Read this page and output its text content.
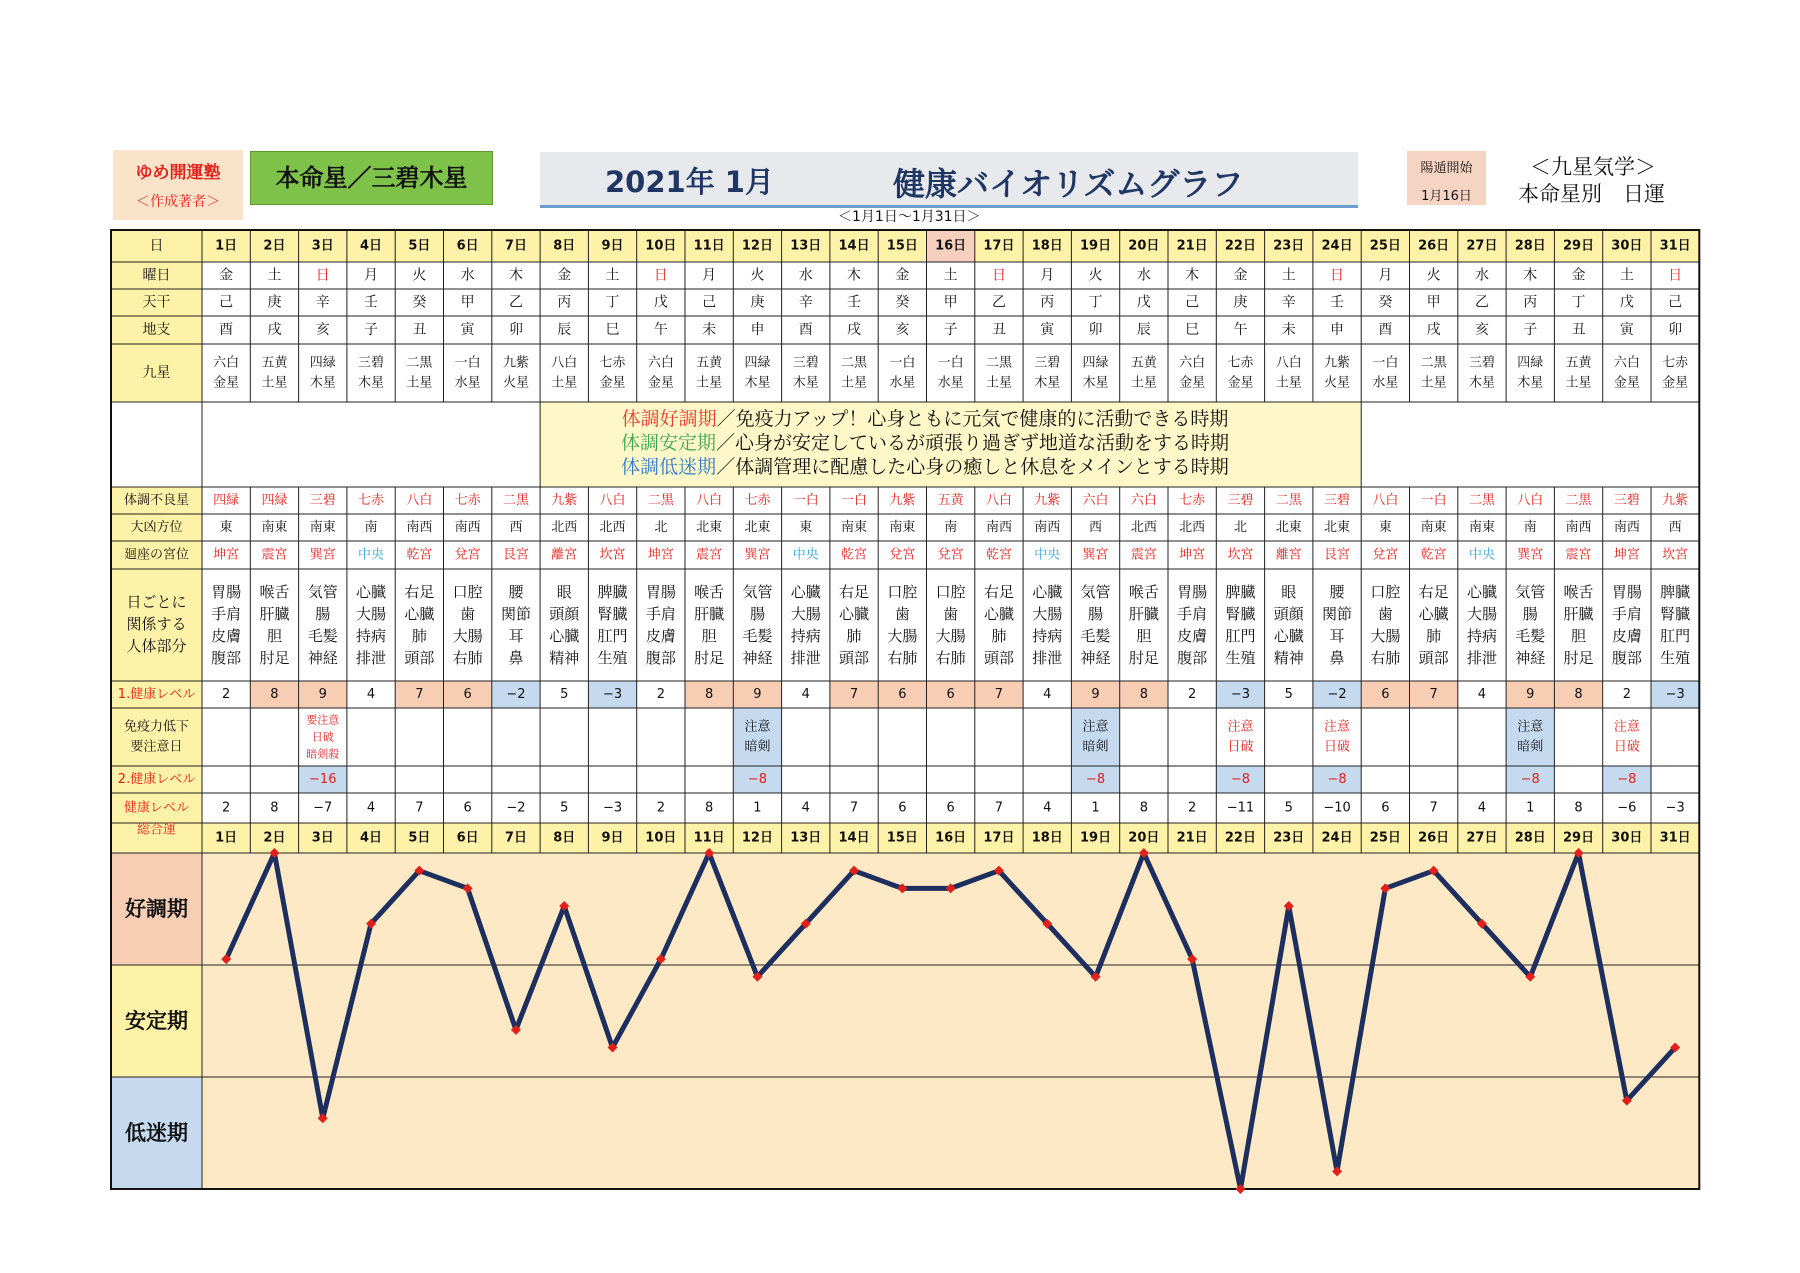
ゆめ開運塾
＜作成著者＞
本命星／三碧木星	2021年 1月	健康バイオリズムグラフ
＜1月1日～1月31日＞
陽遁開始
1月16日
＜九星気学＞
本命星別　日運
日
曜日
天干
地支
九星
体調不良星
大凶方位
廻座の宮位
日ごとに
関係する
人体部分
1.健康レベル
免疫力低下
要注意日
2.健康レベル
健康レベル
総合運
好調期
安定期
低迷期
1日
金
己
酉
六白
金星
四緑
東
坤宮
胃腸
手肩
皮膚
腹部
2
2
1日
2日
土
庚
戌
五黄
土星
四緑
南東
震宮
喉舌
肝臓
胆
肘足
8
8
2日
3日
日
辛
亥
四緑
木星
三碧
南東
巽宮
気管
腸
毛髪
神経
9
要注意
日破
暗剣殺
−16
−7
3日
4日
月
壬
子
三碧
木星
七赤
南
中央
心臓
大腸
持病
排泄
4
4
4日
5日
火
癸
丑
二黒
土星
八白
南西
乾宮
右足
心臓
肺
頭部
7
7
5日
6日
水
甲
寅
一白
水星
七赤
南西
兌宮
口腔
歯
大腸
右肺
6
6
6日
7日
木
乙
卯
九紫
火星
二黒
西
艮宮
腰
関節
耳
鼻
−2
−2
7日
8日
金
丙
辰
八白
土星
九紫
北西
離宮
眼
頭顔
心臓
精神
5
5
8日
9日
土
丁
巳
七赤
金星
八白
北西
坎宮
脾臓
腎臓
肛門
生殖
−3
−3
9日
10日
日
戊
午
六白
金星
二黒
北
坤宮
胃腸
手肩
皮膚
腹部
2
2
10日
11日
月
己
未
五黄
土星
八白
北東
震宮
喉舌
肝臓
胆
肘足
8
8
11日
12日
火
庚
申
四緑
木星
七赤
北東
巽宮
気管
腸
毛髪
神経
9
注意
暗剣
−8
1
12日
13日
水
辛
酉
三碧
木星
一白
東
中央
心臓
大腸
持病
排泄
4
4
13日
14日
木
壬
戌
二黒
土星
一白
南東
乾宮
右足
心臓
肺
頭部
7
7
14日
15日
金
癸
亥
一白
水星
九紫
南東
兌宮
口腔
歯
大腸
右肺
6
6
15日
16日
土
甲
子
一白
水星
五黄
南
兌宮
口腔
歯
大腸
右肺
6
6
16日
17日
日
乙
丑
二黒
土星
八白
南西
乾宮
右足
心臓
肺
頭部
7
7
17日
18日
月
丙
寅
三碧
木星
九紫
南西
中央
心臓
大腸
持病
排泄
4
4
18日
19日
火
丁
卯
四緑
木星
六白
西
巽宮
気管
腸
毛髪
神経
9
注意
暗剣
−8
1
19日
20日
水
戊
辰
五黄
土星
六白
北西
震宮
喉舌
肝臓
胆
肘足
8
8
20日
21日
木
己
巳
六白
金星
七赤
北西
坤宮
胃腸
手肩
皮膚
腹部
2
2
21日
22日
金
庚
午
七赤
金星
三碧
北
坎宮
脾臓
腎臓
肛門
生殖
−3
注意
日破
−8
−11
22日
23日
土
辛
未
八白
土星
二黒
北東
離宮
眼
頭顔
心臓
精神
5
5
23日
24日
日
壬
申
九紫
火星
三碧
北東
艮宮
腰
関節
耳
鼻
−2
注意
日破
−8
−10
24日
25日
月
癸
酉
一白
水星
八白
東
兌宮
口腔
歯
大腸
右肺
6
6
25日
26日
火
甲
戌
二黒
土星
一白
南東
乾宮
右足
心臓
肺
頭部
7
7
26日
27日
水
乙
亥
三碧
木星
二黒
南東
中央
心臓
大腸
持病
排泄
4
4
27日
28日
木
丙
子
四緑
木星
八白
南
巽宮
気管
腸
毛髪
神経
9
注意
暗剣
−8
1
28日
29日
金
丁
丑
五黄
土星
二黒
南西
震宮
喉舌
肝臓
胆
肘足
8
8
29日
30日
土
戊
寅
六白
金星
三碧
南西
坤宮
胃腸
手肩
皮膚
腹部
2
注意
日破
−8
−6
30日
31日
日
己
卯
七赤
金星
九紫
西
坎宮
脾臓
腎臓
肛門
生殖
−3
−3
31日
体調好調期／免疫力アップ！心身ともに元気で健康的に活動できる時期
体調安定期／心身が安定しているが頑張り過ぎず地道な活動をする時期
体調低迷期／体調管理に配慮した心身の癒しと休息をメインとする時期
